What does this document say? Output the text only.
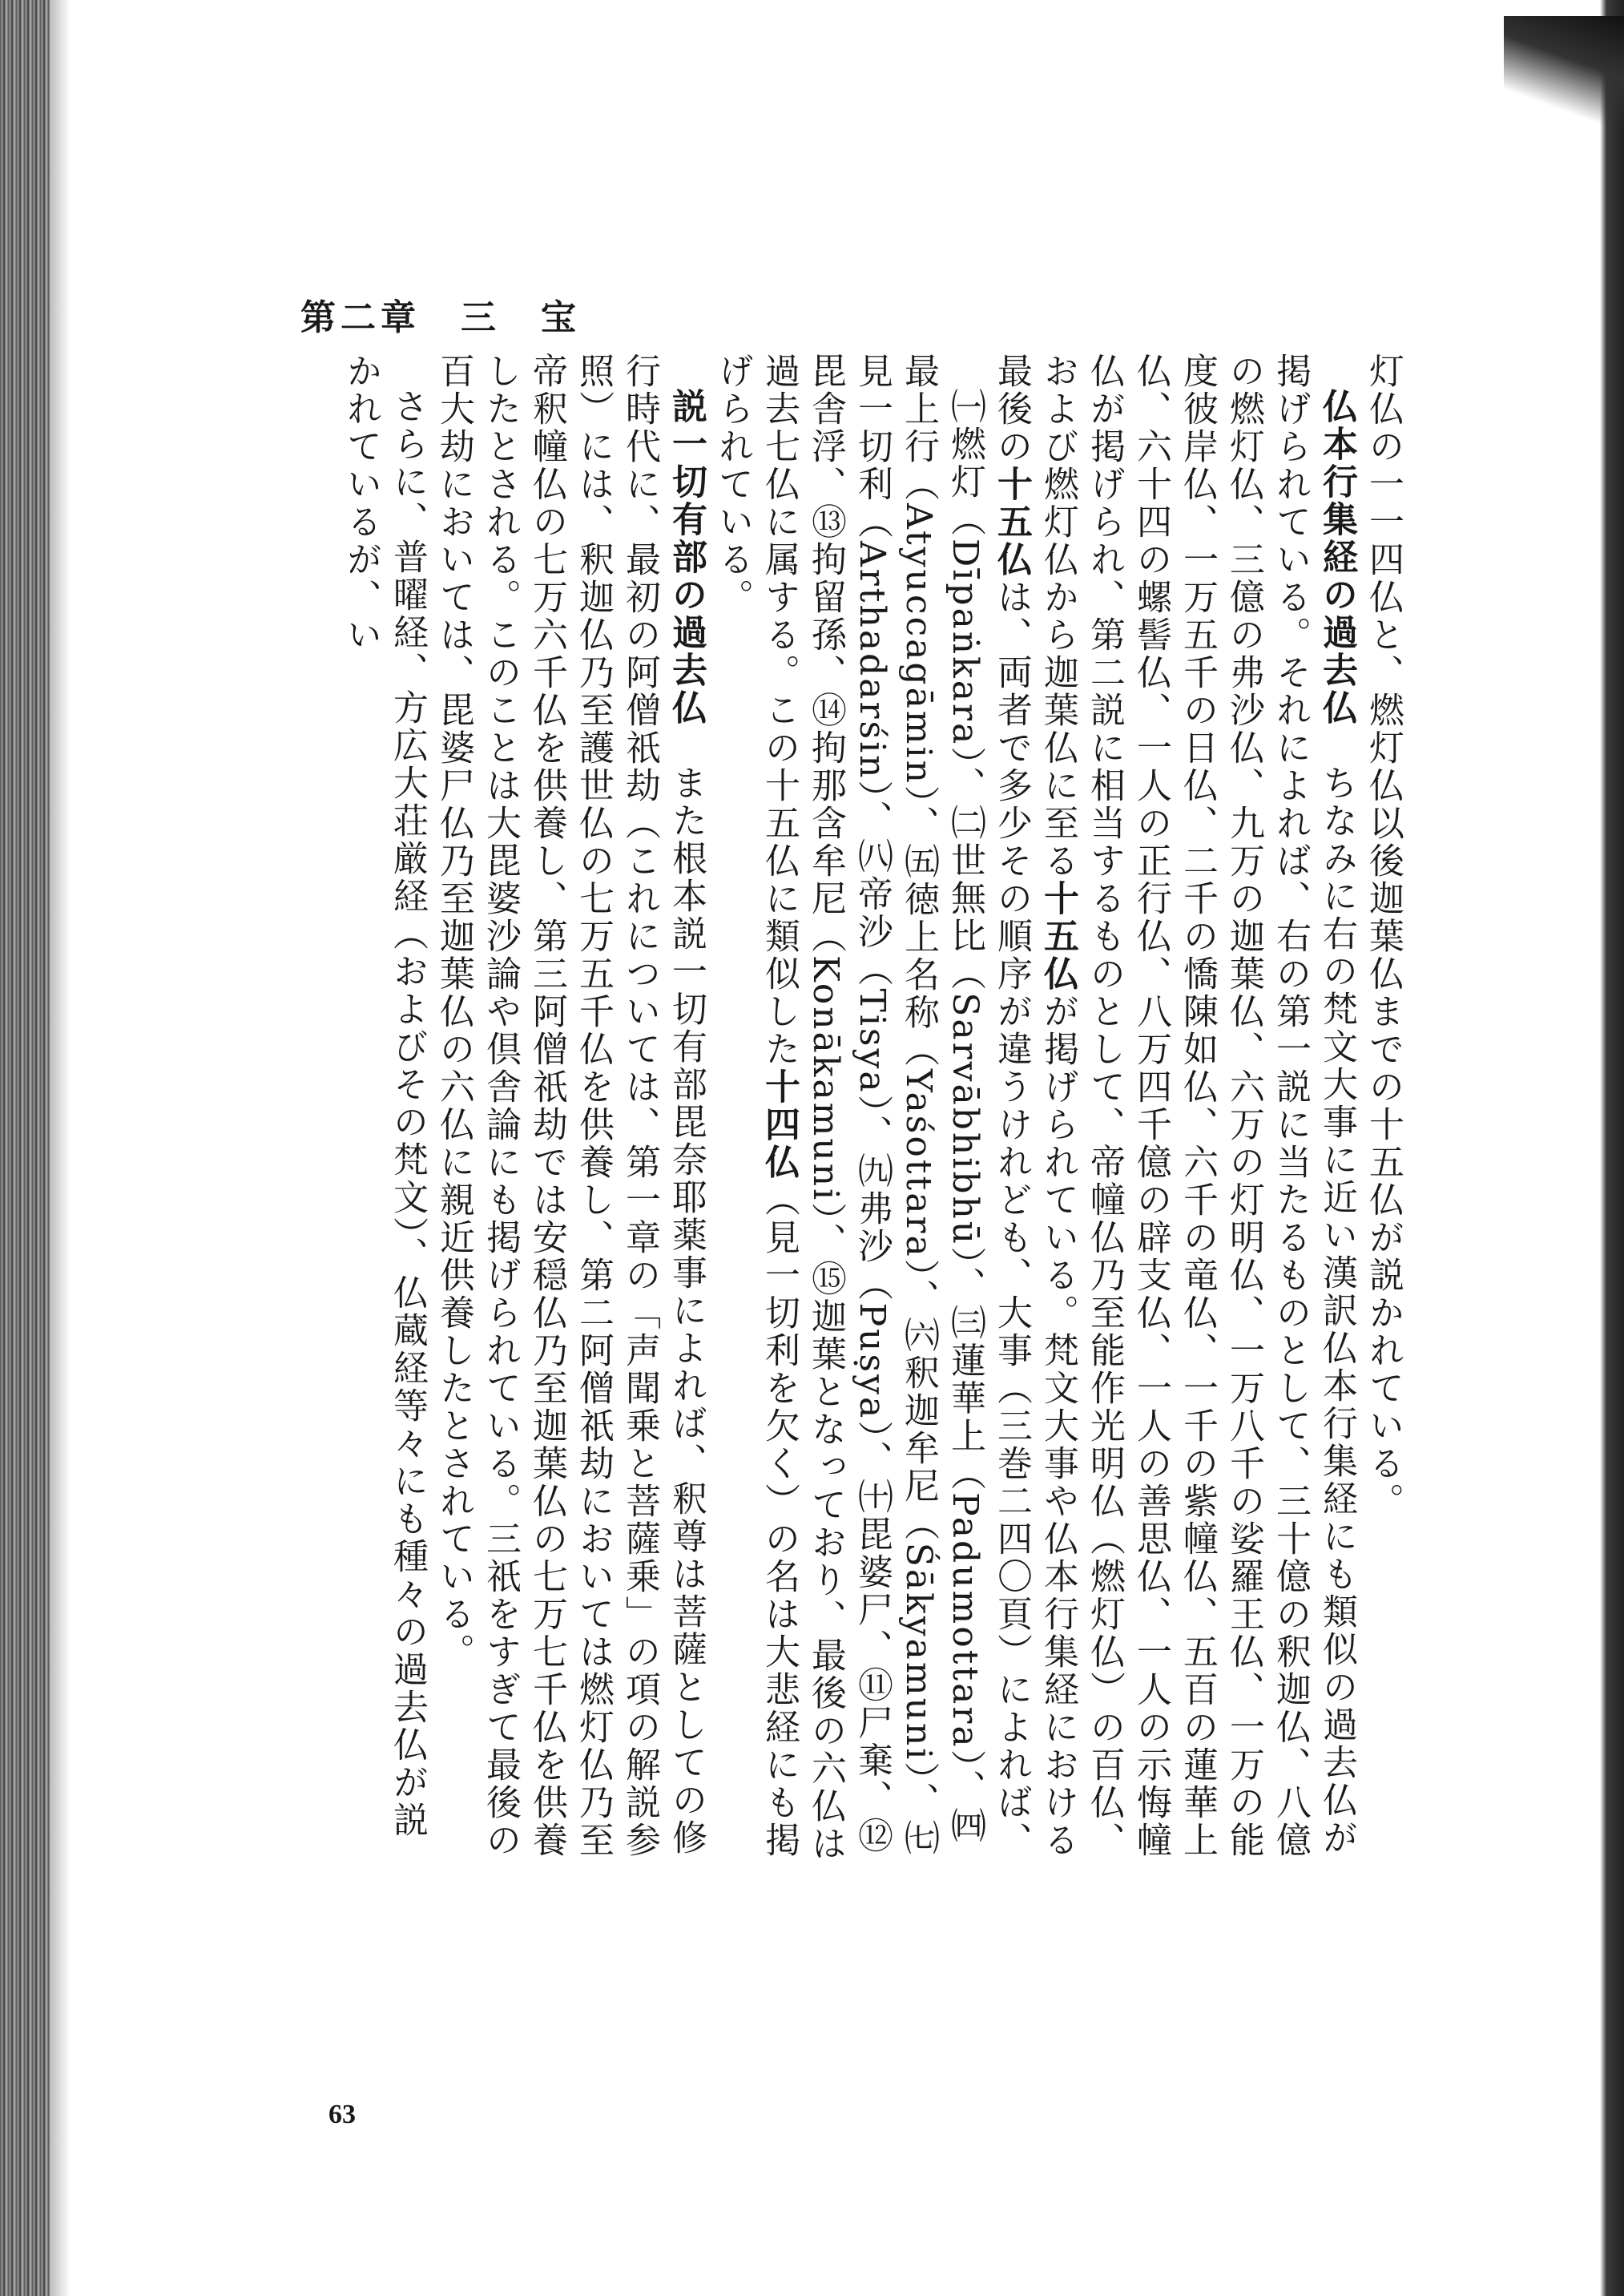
第二章　三　宝

灯仏の一一四仏と、燃灯仏以後迦葉仏までの十五仏が説かれている。

仏本行集経の過去仏　ちなみに右の梵文大事に近い漢訳仏本行集経にも類似の過去仏が掲げられている。それによれば、右の第一説に当たるものとして、三十億の釈迦仏、八億の燃灯仏、三億の弗沙仏、九万の迦葉仏、六万の灯明仏、一万八千の娑羅王仏、一万の能度彼岸仏、一万五千の日仏、二千の憍陳如仏、六千の竜仏、一千の紫幢仏、五百の蓮華上仏、六十四の螺髻仏、一人の正行仏、八万四千億の辟支仏、一人の善思仏、一人の示悔幢仏が掲げられ、第二説に相当するものとして、帝幢仏乃至能作光明仏（燃灯仏）の百仏、および燃灯仏から迦葉仏に至る十五仏が掲げられている。梵文大事や仏本行集経における最後の十五仏は、両者で多少その順序が違うけれども、大事（三巻二四〇頁）によれば、

㈠燃灯（Dīpaṅkara）、㈡世無比（Sarvābhibhū）、㈢蓮華上（Padumottara）、㈣最上行（Atyuccagāmin）、㈤徳上名称（Yaśottara）、㈥釈迦牟尼（Śākyamuni）、㈦見一切利（Arthadarśin）、㈧帝沙（Tisya）、㈨弗沙（Puṣya）、㈩毘婆尸、⑪尸棄、⑫毘舎浮、⑬拘留孫、⑭拘那含牟尼（Konākamuni）、⑮迦葉となっており、最後の六仏は過去七仏に属する。この十五仏に類似した十四仏（見一切利を欠く）の名は大悲経にも掲げられている。

説一切有部の過去仏　また根本説一切有部毘奈耶薬事によれば、釈尊は菩薩としての修行時代に、最初の阿僧祇劫（これについては、第一章の「声聞乗と菩薩乗」の項の解説参照）には、釈迦仏乃至護世仏の七万五千仏を供養し、第二阿僧祇劫においては燃灯仏乃至帝釈幢仏の七万六千仏を供養し、第三阿僧祇劫では安穏仏乃至迦葉仏の七万七千仏を供養したとされる。このことは大毘婆沙論や倶舎論にも掲げられている。三祇をすぎて最後の百大劫においては、毘婆尸仏乃至迦葉仏の六仏に親近供養したとされている。

さらに、普曜経、方広大荘厳経（およびその梵文）、仏蔵経等々にも種々の過去仏が説かれているが、い

63
